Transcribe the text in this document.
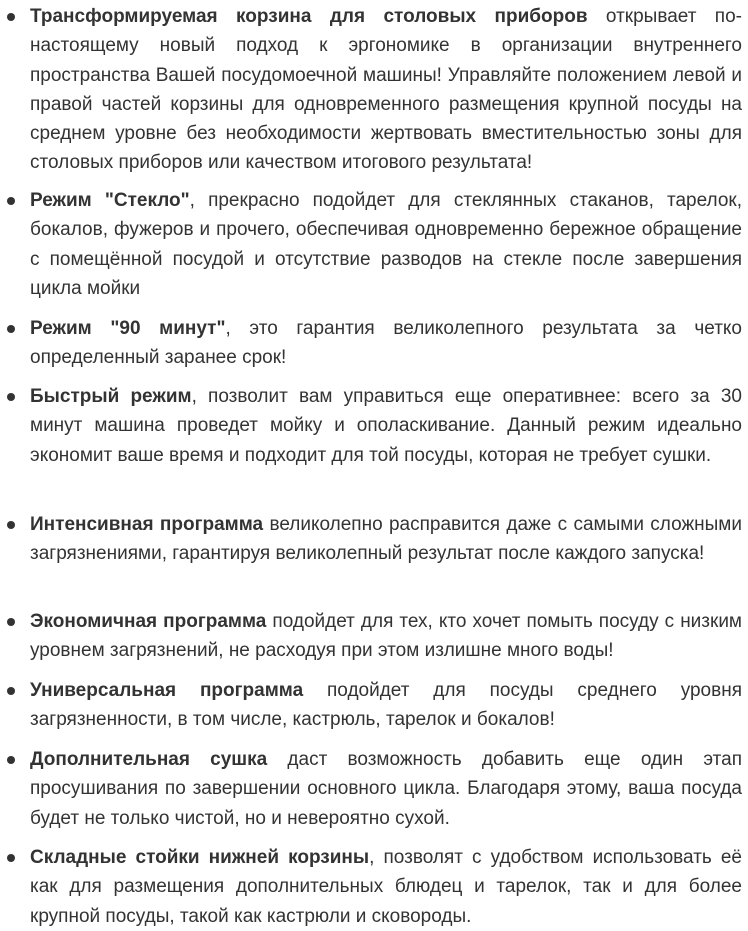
Трансформируемая корзина для столовых приборов открывает по-настоящему новый подход к эргономике в организации внутреннего пространства Вашей посудомоечной машины! Управляйте положением левой и правой частей корзины для одновременного размещения крупной посуды на среднем уровне без необходимости жертвовать вместительностью зоны для столовых приборов или качеством итогового результата!
Режим "Стекло", прекрасно подойдет для стеклянных стаканов, тарелок, бокалов, фужеров и прочего, обеспечивая одновременно бережное обращение с помещённой посудой и отсутствие разводов на стекле после завершения цикла мойки
Режим "90 минут", это гарантия великолепного результата за четко определенный заранее срок!
Быстрый режим, позволит вам управиться еще оперативнее: всего за 30 минут машина проведет мойку и ополаскивание. Данный режим идеально экономит ваше время и подходит для той посуды, которая не требует сушки.
Интенсивная программа великолепно расправится даже с самыми сложными загрязнениями, гарантируя великолепный результат после каждого запуска!
Экономичная программа подойдет для тех, кто хочет помыть посуду с низким уровнем загрязнений, не расходуя при этом излишне много воды!
Универсальная программа подойдет для посуды среднего уровня загрязненности, в том числе, кастрюль, тарелок и бокалов!
Дополнительная сушка даст возможность добавить еще один этап просушивания по завершении основного цикла. Благодаря этому, ваша посуда будет не только чистой, но и невероятно сухой.
Складные стойки нижней корзины, позволят с удобством использовать её как для размещения дополнительных блюдец и тарелок, так и для более крупной посуды, такой как кастрюли и сковороды.
